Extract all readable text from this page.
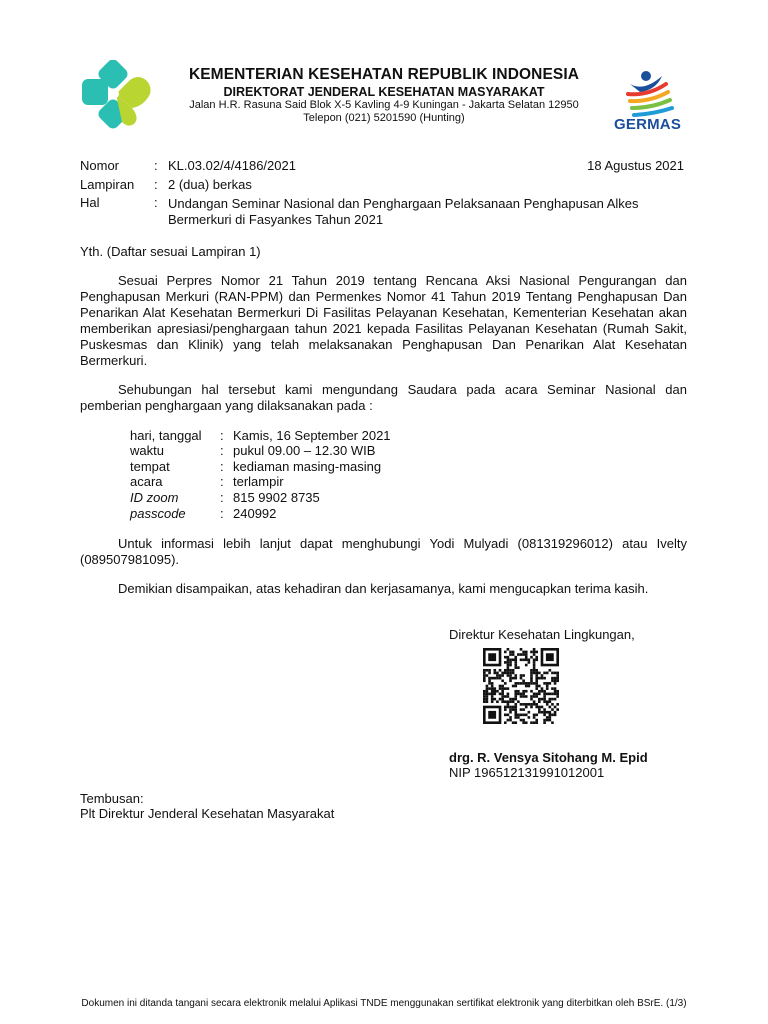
KEMENTERIAN KESEHATAN REPUBLIK INDONESIA
DIREKTORAT JENDERAL KESEHATAN MASYARAKAT
Jalan H.R. Rasuna Said Blok X-5 Kavling 4-9 Kuningan - Jakarta Selatan 12950
Telepon (021) 5201590 (Hunting)	GERMAS
Nomor	: KL.03.02/4/4186/2021	18 Agustus 2021
Lampiran : 2 (dua) berkas
Hal	: Undangan Seminar Nasional dan Penghargaan Pelaksanaan Penghapusan Alkes
Bermerkuri di Fasyankes Tahun 2021
Yth. (Daftar sesuai Lampiran 1)

Sesuai Perpres Nomor 21 Tahun 2019 tentang Rencana Aksi Nasional Pengurangan dan Penghapusan Merkuri (RAN-PPM) dan Permenkes Nomor 41 Tahun 2019 Tentang Penghapusan Dan Penarikan Alat Kesehatan Bermerkuri Di Fasilitas Pelayanan Kesehatan, Kementerian Kesehatan akan memberikan apresiasi/penghargaan tahun 2021 kepada Fasilitas Pelayanan Kesehatan (Rumah Sakit, Puskesmas dan Klinik) yang telah melaksanakan Penghapusan Dan Penarikan Alat Kesehatan Bermerkuri.

Sehubungan hal tersebut kami mengundang Saudara pada acara Seminar Nasional dan pemberian penghargaan yang dilaksanakan pada :

hari, tanggal : Kamis, 16 September 2021
waktu	: pukul 09.00 – 12.30 WIB
tempat	: kediaman masing-masing
acara	: terlampir
ID zoom	: 815 9902 8735
passcode	: 240992

Untuk informasi lebih lanjut dapat menghubungi Yodi Mulyadi (081319296012) atau Ivelty (089507981095).

Demikian disampaikan, atas kehadiran dan kerjasamanya, kami mengucapkan terima kasih.

Direktur Kesehatan Lingkungan,
drg. R. Vensya Sitohang M. Epid
NIP 196512131991012001
Tembusan:
Plt Direktur Jenderal Kesehatan Masyarakat
Dokumen ini ditanda tangani secara elektronik melalui Aplikasi TNDE menggunakan sertifikat elektronik yang diterbitkan oleh BSrE. (1/3)
